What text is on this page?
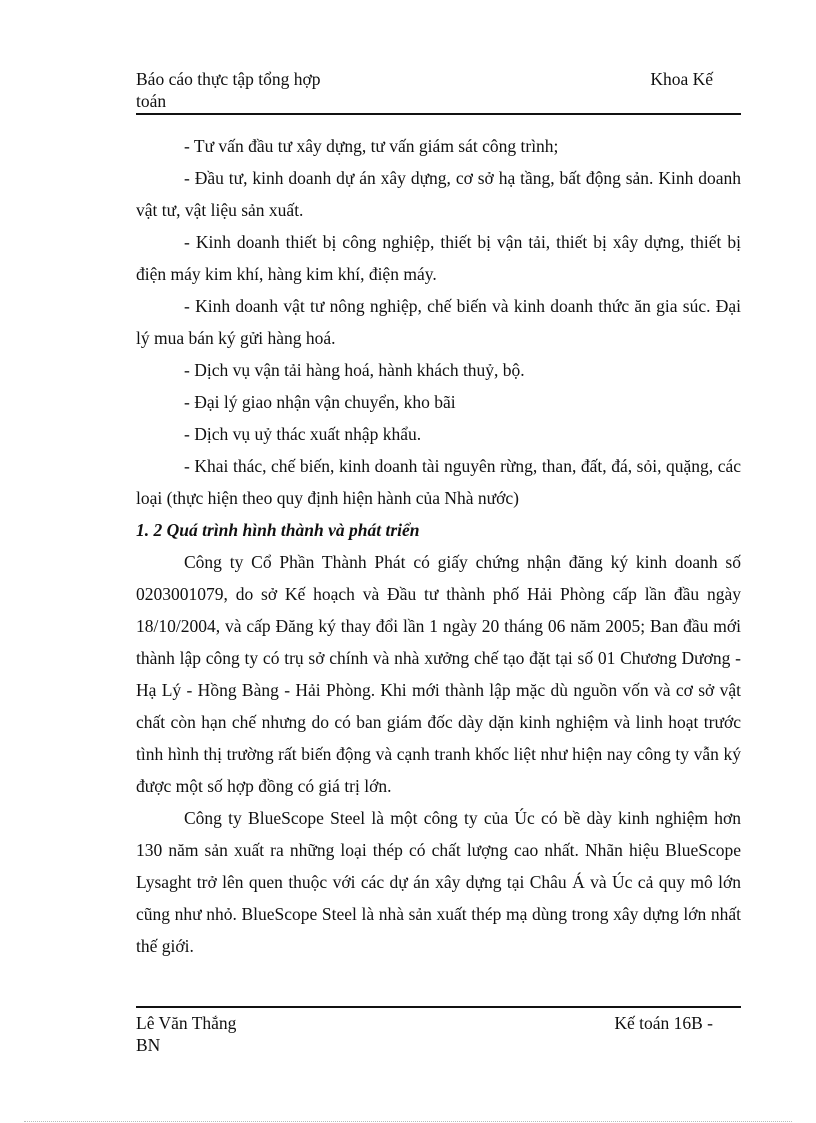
Báo cáo thực tập tổng hợp	Khoa Kế
toán

- Tư vấn đầu tư xây dựng, tư vấn giám sát công trình;

- Đầu tư, kinh doanh dự án xây dựng, cơ sở hạ tầng, bất động sản. Kinh doanh vật tư, vật liệu sản xuất.

- Kinh doanh thiết bị công nghiệp, thiết bị vận tải, thiết bị xây dựng, thiết bị điện máy kim khí, hàng kim khí, điện máy.

- Kinh doanh vật tư nông nghiệp, chế biến và kinh doanh thức ăn gia súc. Đại lý mua bán ký gửi hàng hoá.

- Dịch vụ vận tải hàng hoá, hành khách thuỷ, bộ.

- Đại lý giao nhận vận chuyển, kho bãi

- Dịch vụ uỷ thác xuất nhập khẩu.

- Khai thác, chế biến, kinh doanh tài nguyên rừng, than, đất, đá, sỏi, quặng, các loại (thực hiện theo quy định hiện hành của Nhà nước)

1. 2 Quá trình hình thành và phát triển

Công ty Cổ Phần Thành Phát có giấy chứng nhận đăng ký kinh doanh số 0203001079, do sở Kế hoạch và Đầu tư thành phố Hải Phòng cấp lần đầu ngày 18/10/2004, và cấp Đăng ký thay đổi lần 1 ngày 20 tháng 06 năm 2005; Ban đầu mới thành lập công ty có trụ sở chính và nhà xưởng chế tạo đặt tại số 01 Chương Dương - Hạ Lý - Hồng Bàng - Hải Phòng. Khi mới thành lập mặc dù nguồn vốn và cơ sở vật chất còn hạn chế nhưng do có ban giám đốc dày dặn kinh nghiệm và linh hoạt trước tình hình thị trường rất biến động và cạnh tranh khốc liệt như hiện nay công ty vẫn ký được một số hợp đồng có giá trị lớn.

Công ty BlueScope Steel là một công ty của Úc có bề dày kinh nghiệm hơn 130 năm sản xuất ra những loại thép có chất lượng cao nhất. Nhãn hiệu BlueScope Lysaght trở lên quen thuộc với các dự án xây dựng tại Châu Á và Úc cả quy mô lớn cũng như nhỏ. BlueScope Steel là nhà sản xuất thép mạ dùng trong xây dựng lớn nhất thế giới.

Lê Văn Thắng	Kế toán 16B -
BN
